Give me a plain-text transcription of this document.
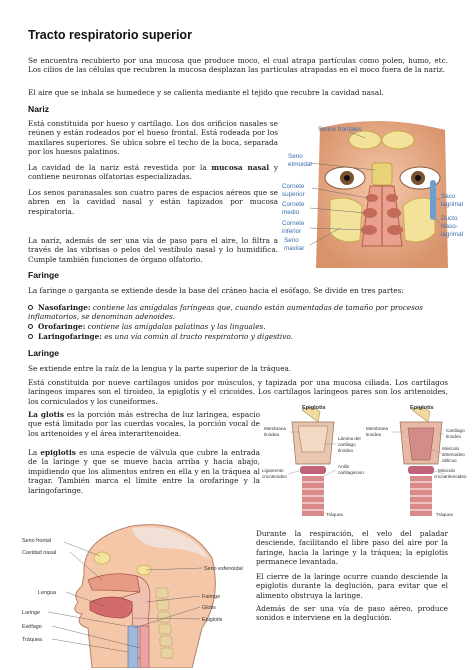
Tracto respiratorio superior
Se encuentra recubierto por una mucosa que produce moco, el cual atrapa partículas como polen, humo, etc. Los cilios de las células que recubren la mucosa desplazan las partículas atrapadas en el moco fuera de la nariz.
El aire que se inhala se humedece y se calienta mediante el tejido que recubre la cavidad nasal.
Nariz
Está constituida por hueso y cartílago. Los dos orificios nasales se reúnen y están rodeados por el hueso frontal. Está rodeada por los maxilares superiores. Se ubica sobre el techo de la boca, separada por los huesos palatinos.
La cavidad de la nariz está revestida por la mucosa nasal y contiene neuronas olfatorias especializadas.
Los senos paranasales son cuatro pares de espacios aéreos que se abren en la cavidad nasal y están tapizados por mucosa respiratoria.
La nariz, además de ser una vía de paso para el aire, lo filtra a través de las vibrisas o pelos del vestíbulo nasal y lo humidifica. Cumple también funciones de órgano olfatorio.
Senos frontales
Seno
etmoidal
Cornete
superior
Cornete
medio
Cornete
inferior
Seno
maxilar
Saco
lagrimal
Ducto
Naso-
lagrimal
Faringe
La faringe o garganta se extiende desde la base del cráneo hacia el esófago. Se divide en tres partes:
Nasofaringe: contiene las amígdalas faríngeas que, cuando están aumentadas de tamaño por procesos inflamatorios, se denominan adenoides.
Orofaringe: contiene las amígdalas palatinas y las linguales.
Laringofaringe: es una vía común al tracto respiratorio y digestivo.
Laringe
Se extiende entre la raíz de la lengua y la parte superior de la tráquea.
Está constituida por nueve cartílagos unidos por músculos, y tapizada por una mucosa ciliada. Los cartílagos laríngeos impares son el tiroideo, la epiglotis y el cricoides. Los cartílagos laríngeos pares son los aritenoides, los corniculados y los cuneiformes.
La glotis es la porción más estrecha de luz laringea, espacio que está limitado por las cuerdas vocales, la porción vocal de los aritenoides y el área interaritenoidea.
La epiglotis es una especie de válvula que cubre la entrada de la laringe y que se mueve hacia arriba y hacia abajo, impidiendo que los alimentos entren en ella y en la tráquea al tragar. También marca el límite entre la orofaringe y la laringofaringe.
Epiglotis	Epiglotis
Membrana
tiroidea
Lámina del
cartílago
tiroideo
Ligamento
cricotiroideo
Anillo
cartilaginoso
Tráquea
Membrana
tiroidea
Cartílago
tiroideo
Músculo
aritenoideo
oblicuo
Músculo
cricoaritenoideo
Tráquea
Seno frontal
Cavidad nasal
Seno esfenoidal
Lengua
Faringe
Glotis
Laringe
Epiglotis
Esófago
Tráquea
Durante la respiración, el velo del paladar desciende, facilitando el libre paso del aire por la faringe, hacia la laringe y la tráquea; la epiglotis permanece levantada.
El cierre de la laringe ocurre cuando desciende la epiglotis durante la deglución, para evitar que el alimento obstruya la laringe.
Además de ser una vía de paso aéreo, produce sonidos e interviene en la deglución.
